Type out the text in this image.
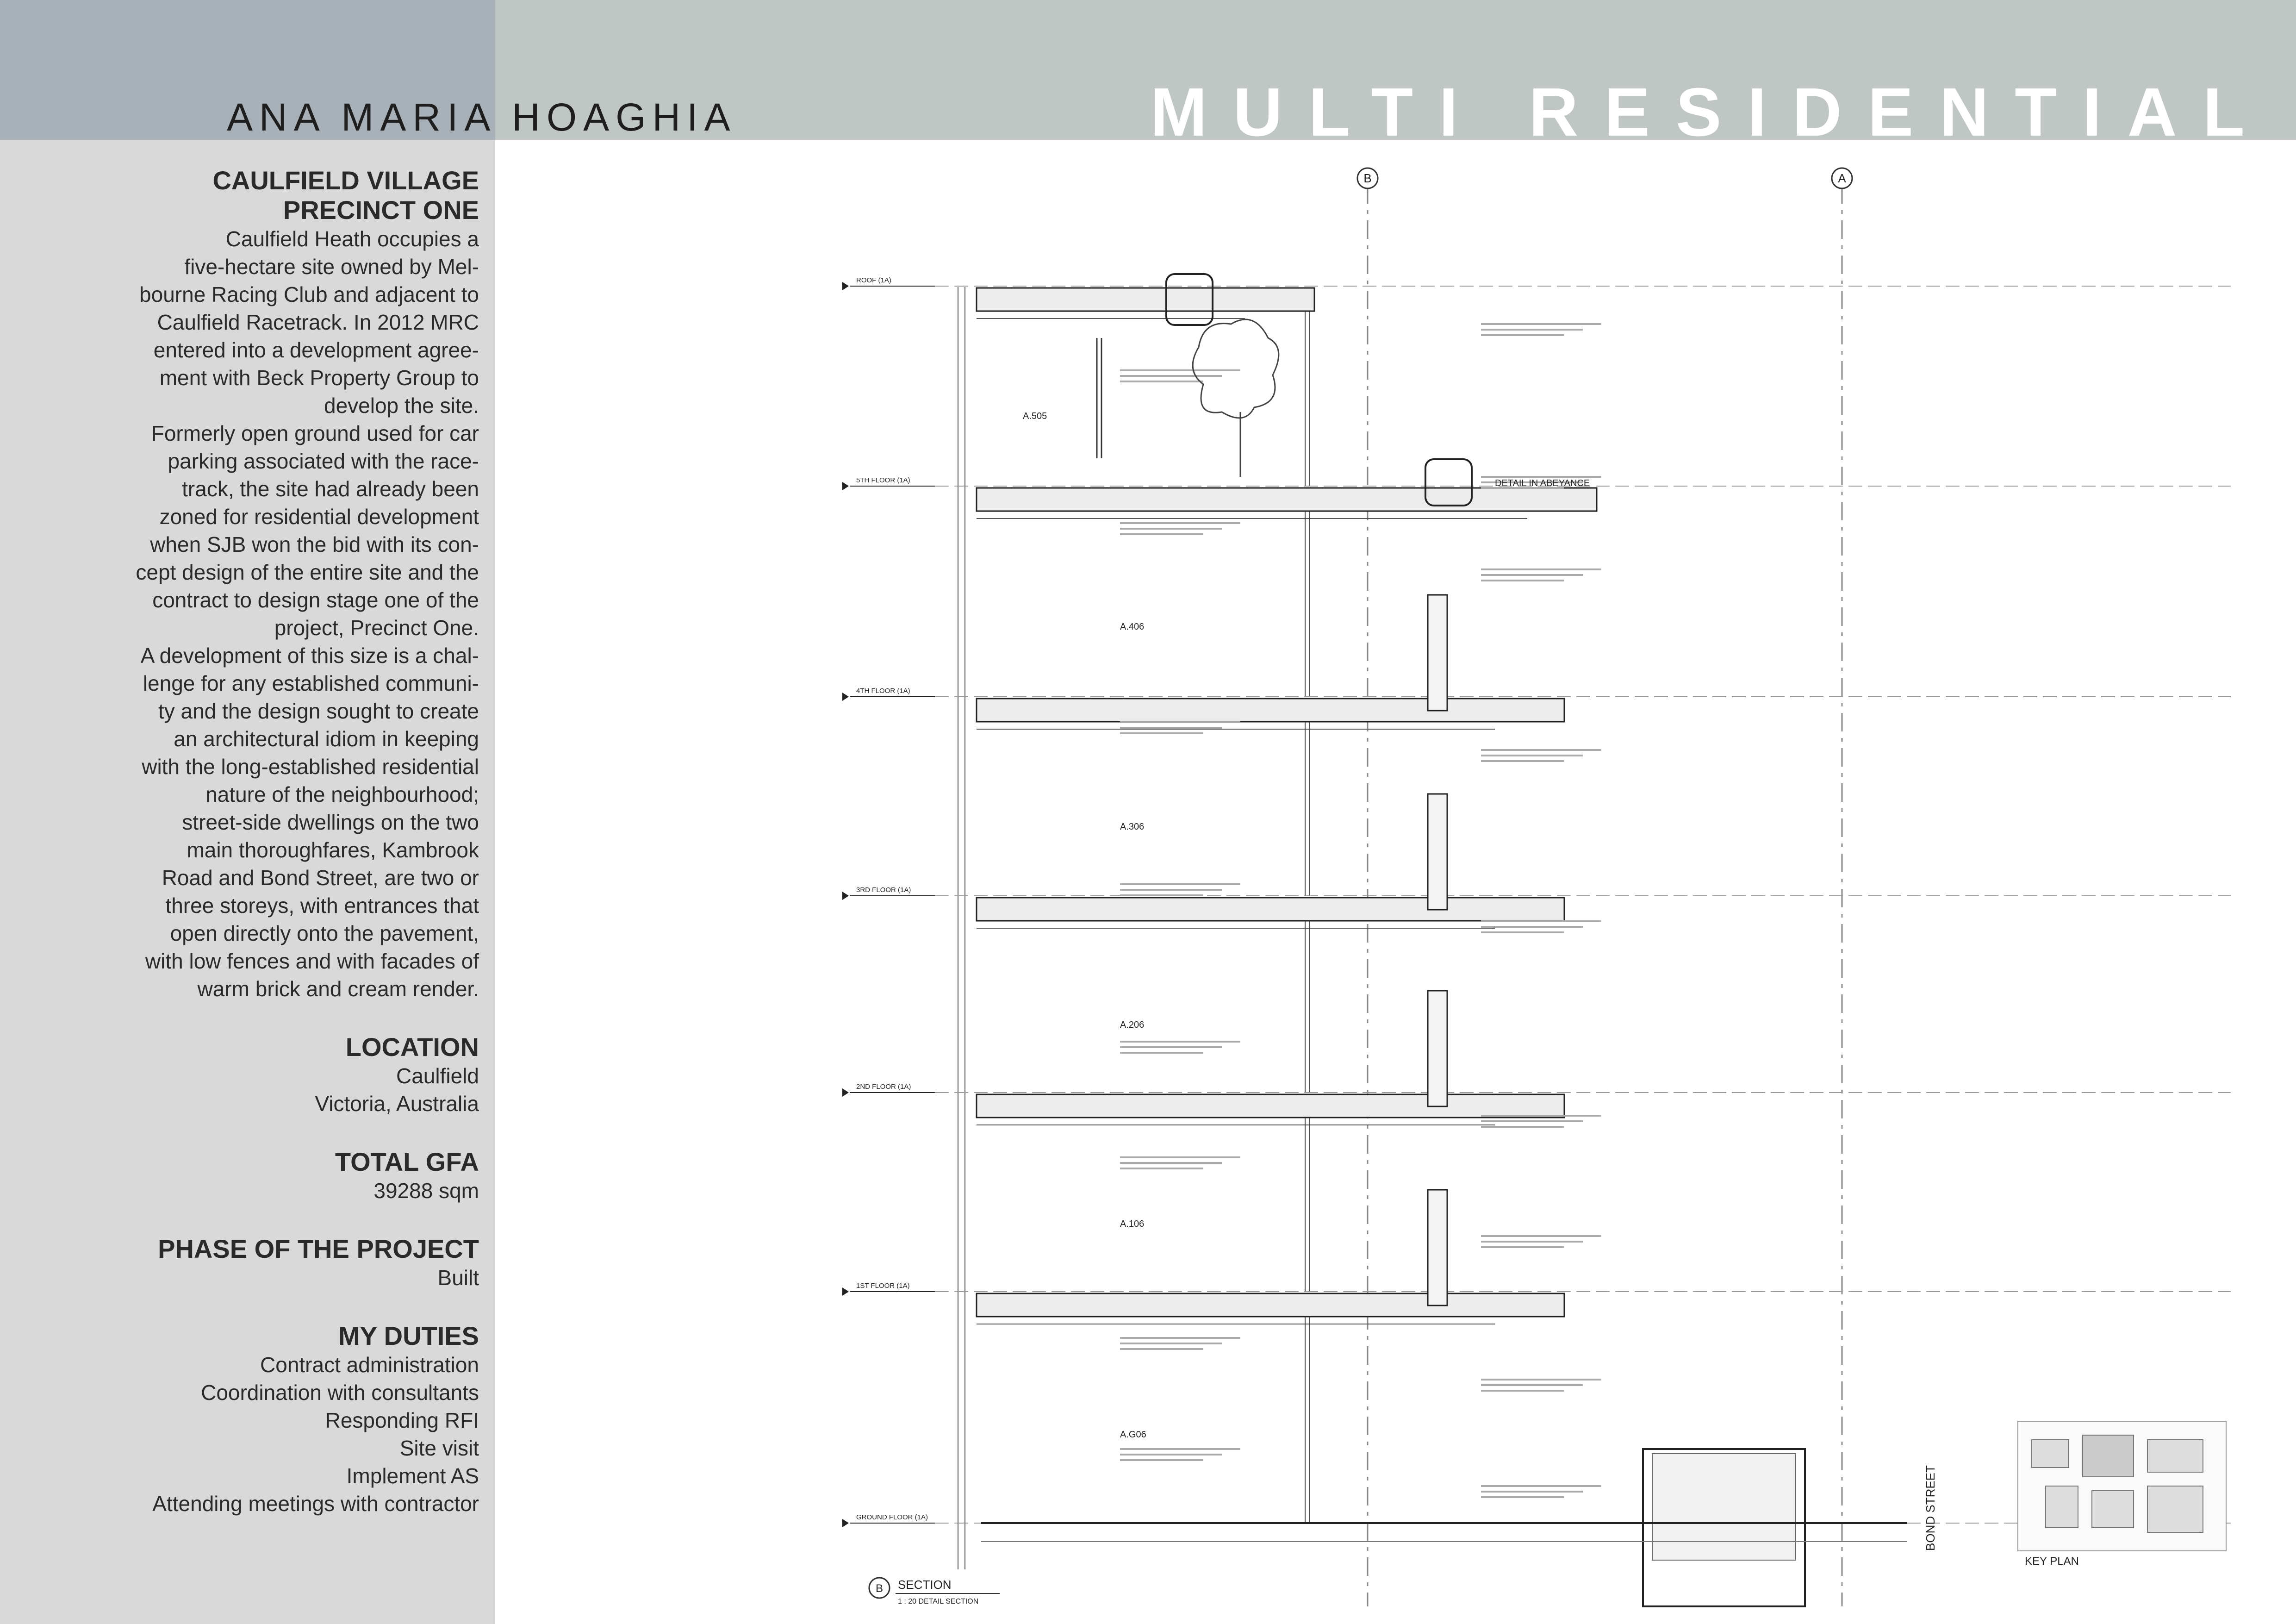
ANA MARIA HOAGHIA	MULTI RESIDENTIAL
CAULFIELD VILLAGE
PRECINCT ONE
Caulfield Heath occupies a
five-hectare site owned by Mel-
bourne Racing Club and adjacent to
Caulfield Racetrack. In 2012 MRC
entered into a development agree-
ment with Beck Property Group to
develop the site.
Formerly open ground used for car
parking associated with the race-
track, the site had already been
zoned for residential development
when SJB won the bid with its con-
cept design of the entire site and the
contract to design stage one of the
project, Precinct One.
A development of this size is a chal-
lenge for any established communi-
ty and the design sought to create
an architectural idiom in keeping
with the long-established residential
nature of the neighbourhood;
street-side dwellings on the two
main thoroughfares, Kambrook
Road and Bond Street, are two or
three storeys, with entrances that
open directly onto the pavement,
with low fences and with facades of
warm brick and cream render.
LOCATION
Caulfield
Victoria, Australia
TOTAL GFA
39288 sqm
PHASE OF THE PROJECT
Built
MY DUTIES
Contract administration
Coordination with consultants
Responding RFI
Site visit
Implement AS
Attending meetings with contractor
B	A
ROOF (1A)
5TH FLOOR (1A)
4TH FLOOR (1A)
3RD FLOOR (1A)
2ND FLOOR (1A)
1ST FLOOR (1A)
GROUND FLOOR (1A)
A.505
A.406
A.306
A.206
A.106
A.G06
DETAIL IN ABEYANCE
BOND STREET
KEY PLAN
B SECTION
1 : 20 DETAIL SECTION
